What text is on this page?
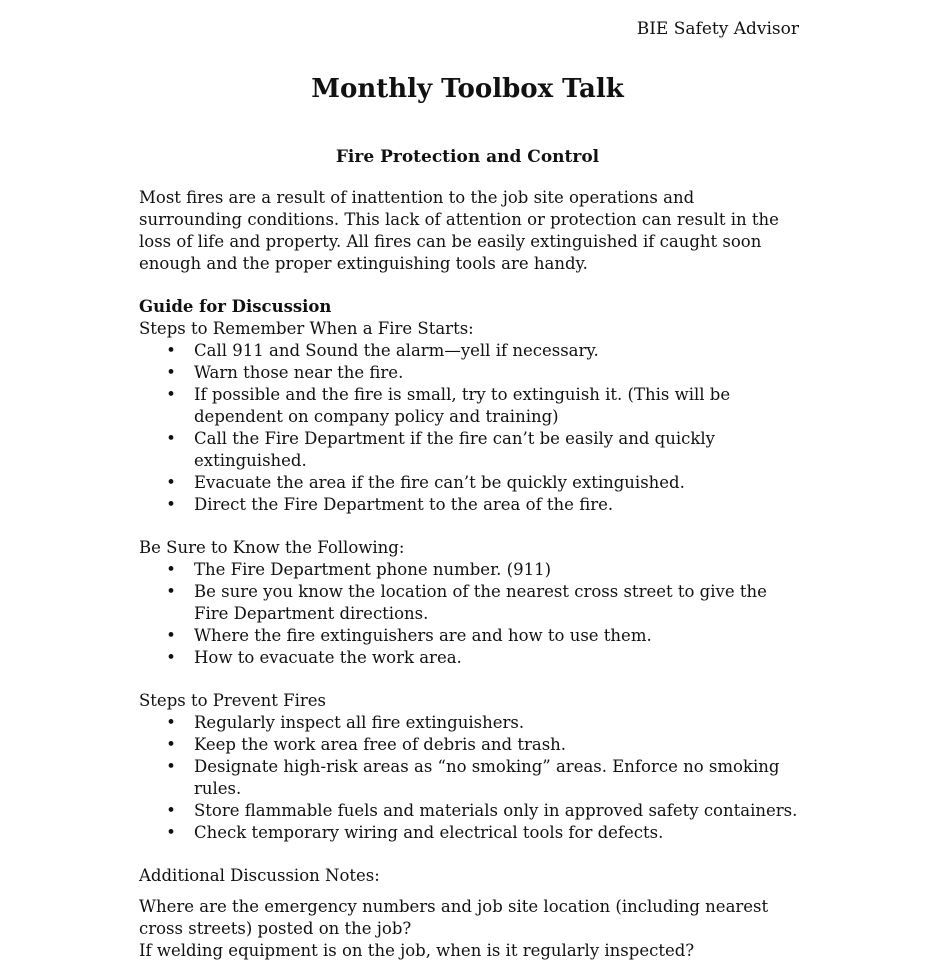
BIE Safety Advisor
Monthly Toolbox Talk
Fire Protection and Control

Most fires are a result of inattention to the job site operations and surrounding conditions. This lack of attention or protection can result in the loss of life and property. All fires can be easily extinguished if caught soon enough and the proper extinguishing tools are handy.

Guide for Discussion

Steps to Remember When a Fire Starts:

• Call 911 and Sound the alarm—yell if necessary.
• Warn those near the fire.
• If possible and the fire is small, try to extinguish it. (This will be dependent on company policy and training)
• Call the Fire Department if the fire can’t be easily and quickly extinguished.
• Evacuate the area if the fire can’t be quickly extinguished.
• Direct the Fire Department to the area of the fire.

Be Sure to Know the Following:

• The Fire Department phone number. (911)
• Be sure you know the location of the nearest cross street to give the Fire Department directions.
• Where the fire extinguishers are and how to use them.
• How to evacuate the work area.

Steps to Prevent Fires

• Regularly inspect all fire extinguishers.
• Keep the work area free of debris and trash.
• Designate high-risk areas as “no smoking” areas. Enforce no smoking rules.
• Store flammable fuels and materials only in approved safety containers.
• Check temporary wiring and electrical tools for defects.

Additional Discussion Notes:

Where are the emergency numbers and job site location (including nearest cross streets) posted on the job?

If welding equipment is on the job, when is it regularly inspected?
